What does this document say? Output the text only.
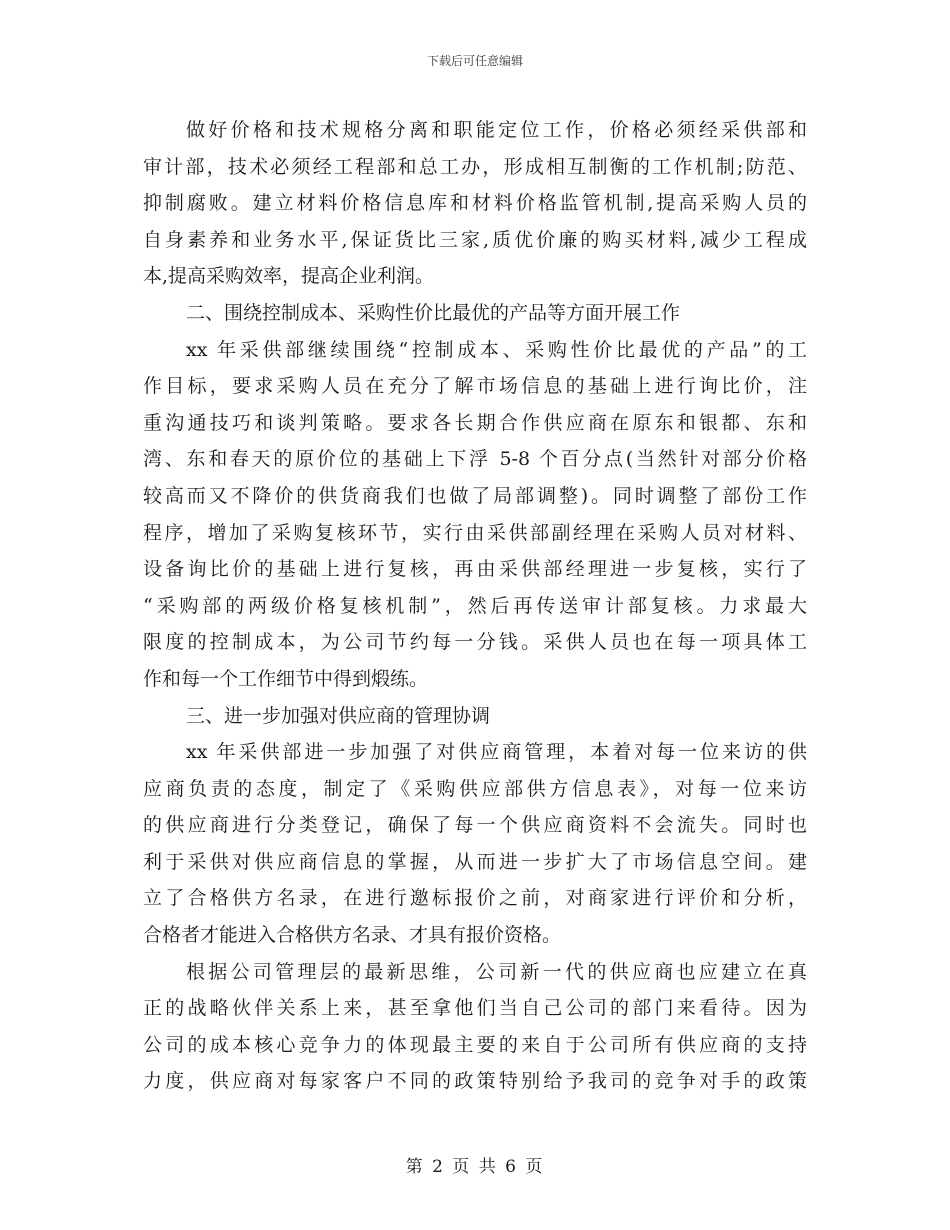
下载后可任意编辑
做好价格和技术规格分离和职能定位工作，价格必须经采供部和
审计部，技术必须经工程部和总工办，形成相互制衡的工作机制;防范、
抑制腐败。建立材料价格信息库和材料价格监管机制,提高采购人员的
自身素养和业务水平,保证货比三家,质优价廉的购买材料,减少工程成
本,提高采购效率，提高企业利润。
二、围绕控制成本、采购性价比最优的产品等方面开展工作
xx 年采供部继续围绕“控制成本、采购性价比最优的产品”的工
作目标，要求采购人员在充分了解市场信息的基础上进行询比价，注
重沟通技巧和谈判策略。要求各长期合作供应商在原东和银都、东和
湾、东和春天的原价位的基础上下浮 5-8 个百分点(当然针对部分价格
较高而又不降价的供货商我们也做了局部调整)。同时调整了部份工作
程序，增加了采购复核环节，实行由采供部副经理在采购人员对材料、
设备询比价的基础上进行复核，再由采供部经理进一步复核，实行了
“采购部的两级价格复核机制”，然后再传送审计部复核。力求最大
限度的控制成本，为公司节约每一分钱。采供人员也在每一项具体工
作和每一个工作细节中得到煅练。
三、进一步加强对供应商的管理协调
xx 年采供部进一步加强了对供应商管理，本着对每一位来访的供
应商负责的态度，制定了《采购供应部供方信息表》，对每一位来访
的供应商进行分类登记，确保了每一个供应商资料不会流失。同时也
利于采供对供应商信息的掌握，从而进一步扩大了市场信息空间。建
立了合格供方名录，在进行邀标报价之前，对商家进行评价和分析，
合格者才能进入合格供方名录、才具有报价资格。
根据公司管理层的最新思维，公司新一代的供应商也应建立在真
正的战略伙伴关系上来，甚至拿他们当自己公司的部门来看待。因为
公司的成本核心竞争力的体现最主要的来自于公司所有供应商的支持
力度，供应商对每家客户不同的政策特别给予我司的竞争对手的政策
第 2 页 共 6 页
